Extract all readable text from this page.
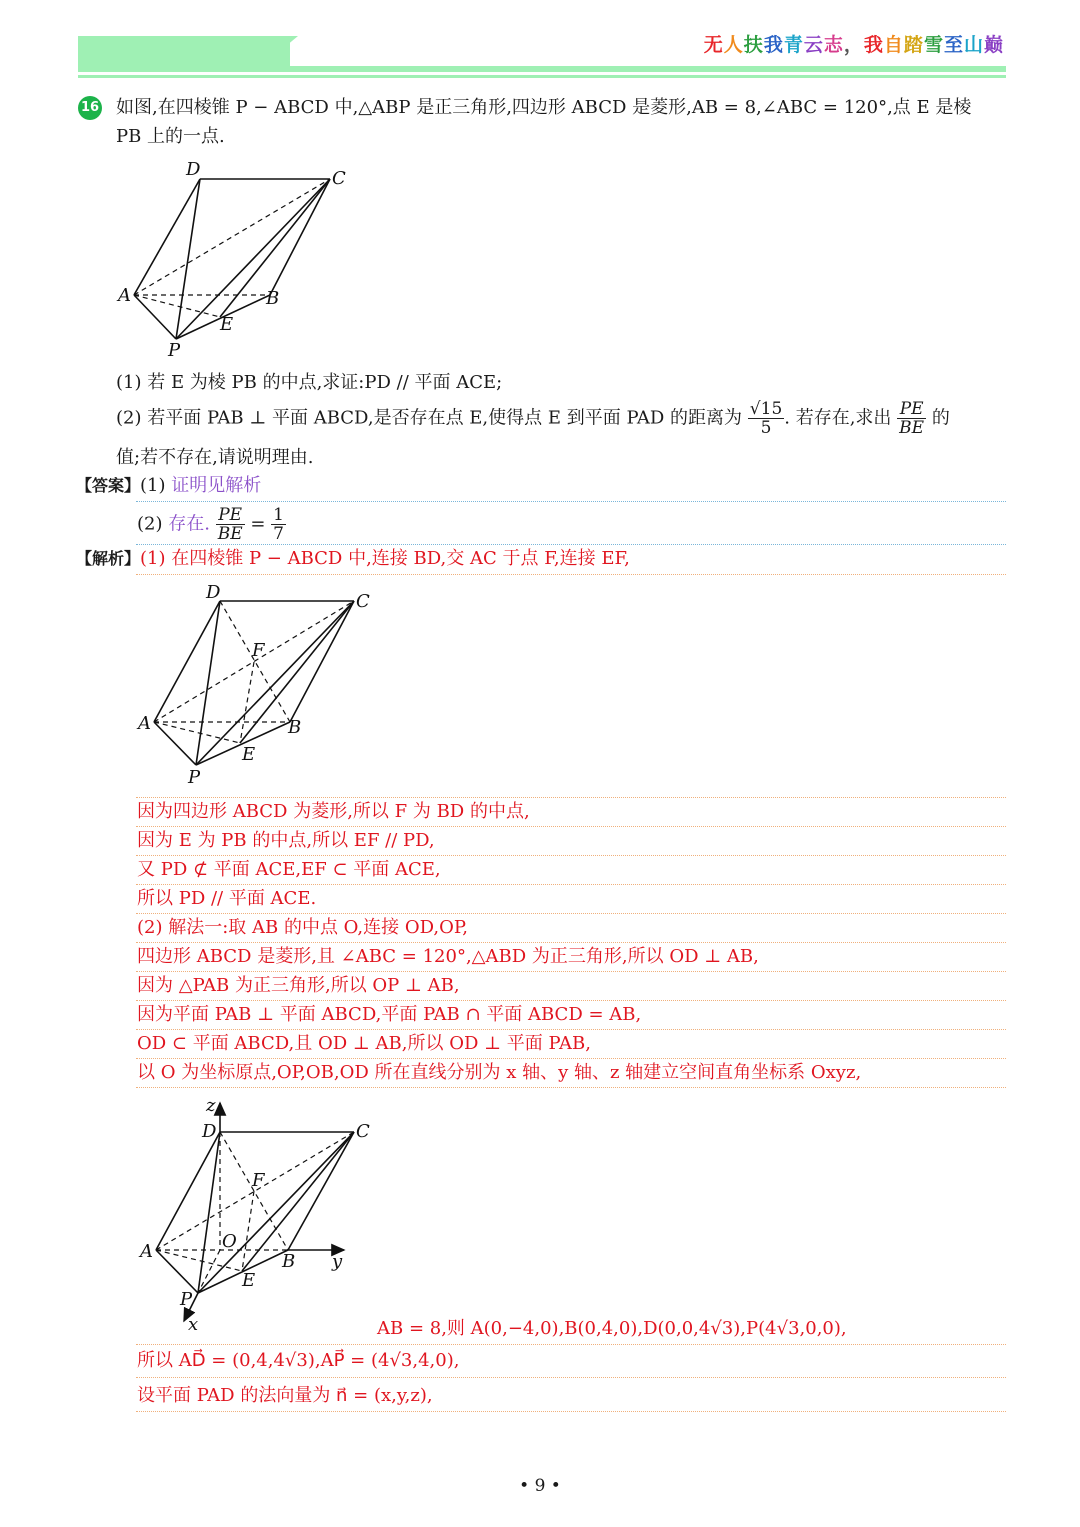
无人扶我青云志，我自踏雪至山巅
16 如图,在四棱锥 P − ABCD 中,△ABP 是正三角形,四边形 ABCD 是菱形,AB = 8,∠ABC = 120°,点 E 是棱
PB 上的一点.
D	C
A	B
E
P
(1) 若 E 为棱 PB 的中点,求证:PD // 平面 ACE;
(2) 若平面 PAB ⊥ 平面 ABCD,是否存在点 E,使得点 E 到平面 PAD 的距离为 $\frac{√15}{5}$ . 若存在,求出 $\frac{PE}{BE}$ 的
值;若不存在,请说明理由.
【答案】(1) 证明见解析
(2) 存在. $\frac{PE}{BE} = \frac{1}{7}$
【解析】(1) 在四棱锥 P − ABCD 中,连接 BD,交 AC 于点 F,连接 EF,
D	C
F
A	B
E
P
因为四边形 ABCD 为菱形,所以 F 为 BD 的中点,
因为 E 为 PB 的中点,所以 EF // PD,
又 PD ⊄ 平面 ACE,EF ⊂ 平面 ACE,
所以 PD // 平面 ACE.
(2) 解法一:取 AB 的中点 O,连接 OD,OP,
四边形 ABCD 是菱形,且 ∠ABC = 120°,△ABD 为正三角形,所以 OD ⊥ AB,
因为 △PAB 为正三角形,所以 OP ⊥ AB,
因为平面 PAB ⊥ 平面 ABCD,平面 PAB ∩ 平面 ABCD = AB,
OD ⊂ 平面 ABCD,且 OD ⊥ AB,所以 OD ⊥ 平面 PAB,
以 O 为坐标原点,OP,OB,OD 所在直线分别为 x 轴、y 轴、z 轴建立空间直角坐标系 Oxyz,
z
D	C
F
O
A	B y
E
P
x	AB = 8,则 A(0,−4,0),B(0,4,0),D(0,0,4√3),P(4√3,0,0),
所以 AD⃗ = (0,4,4√3),AP⃗ = (4√3,4,0),
设平面 PAD 的法向量为 n⃗ = (x,y,z),
• 9 •
